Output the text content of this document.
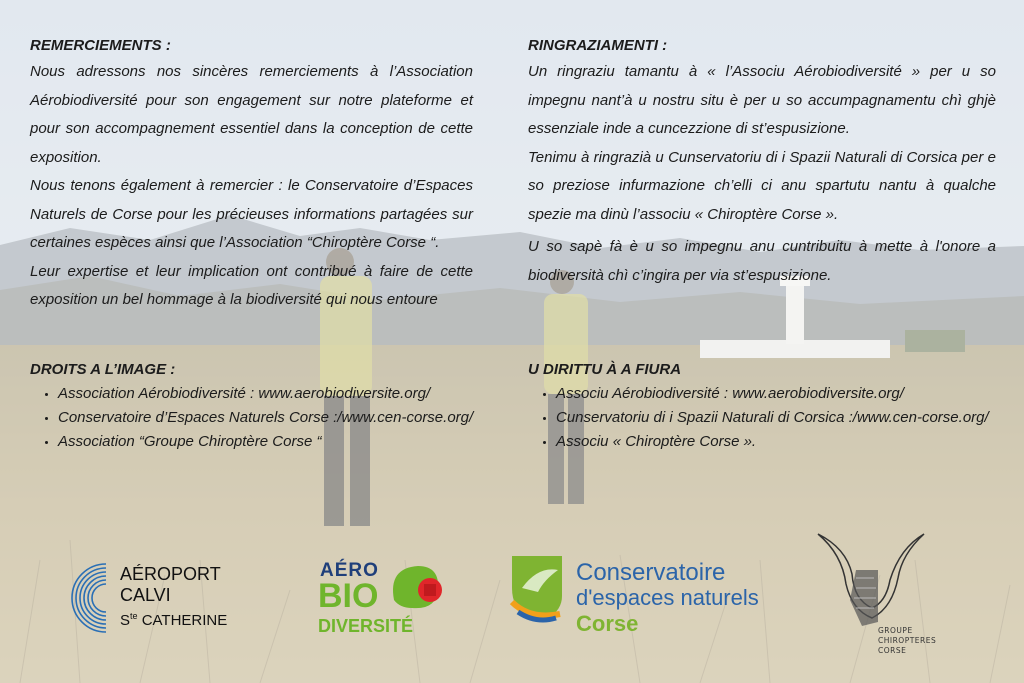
REMERCIEMENTS :

Nous adressons nos sincères remerciements à l’Association Aérobiodiversité pour son engagement sur notre plateforme et pour son accompagnement essentiel dans la conception de cette exposition.

Nous tenons également à remercier : le Conservatoire d’Espaces Naturels de Corse pour les précieuses informations partagées sur certaines espèces ainsi que l’Association “Chiroptère Corse “.

Leur expertise et leur implication ont contribué à faire de cette exposition un bel hommage à la biodiversité qui nous entoure

RINGRAZIAMENTI :

Un ringraziu tamantu à « l’Associu Aérobiodiversité » per u so impegnu nant’à u nostru situ è per u so accumpagnamentu chì ghjè essenziale inde a cuncezzione di st’espusizione.

Tenimu à ringrazià u Cunservatoriu di i Spazii Naturali di Corsica per e so preziose infurmazione ch’elli ci anu spartutu nantu à qualche spezie ma dinù l’associu « Chiroptère Corse ».

U so sapè fà è u so impegnu anu cuntribuitu à mette à l'onore a biodiversità chì c’ingira per via st’espusizione.

DROITS A L’IMAGE :
• Association Aérobiodiversité : www.aerobiodiversite.org/
• Conservatoire d’Espaces Naturels Corse :/www.cen-corse.org/
• Association “Groupe Chiroptère Corse “
U DIRITTU À A FIURA
• Associu Aérobiodiversité : www.aerobiodiversite.org/
• Cunservatoriu di i Spazii Naturali di Corsica :/www.cen-corse.org/
• Associu « Chiroptère Corse ».
AÉROPORT
CALVI
$S^{te}$ CATHERINE
AÉRO
BIO
DIVERSITÉ
Conservatoire
d'espaces naturels
Corse	GROUPE
CHIROPTERES
CORSE
